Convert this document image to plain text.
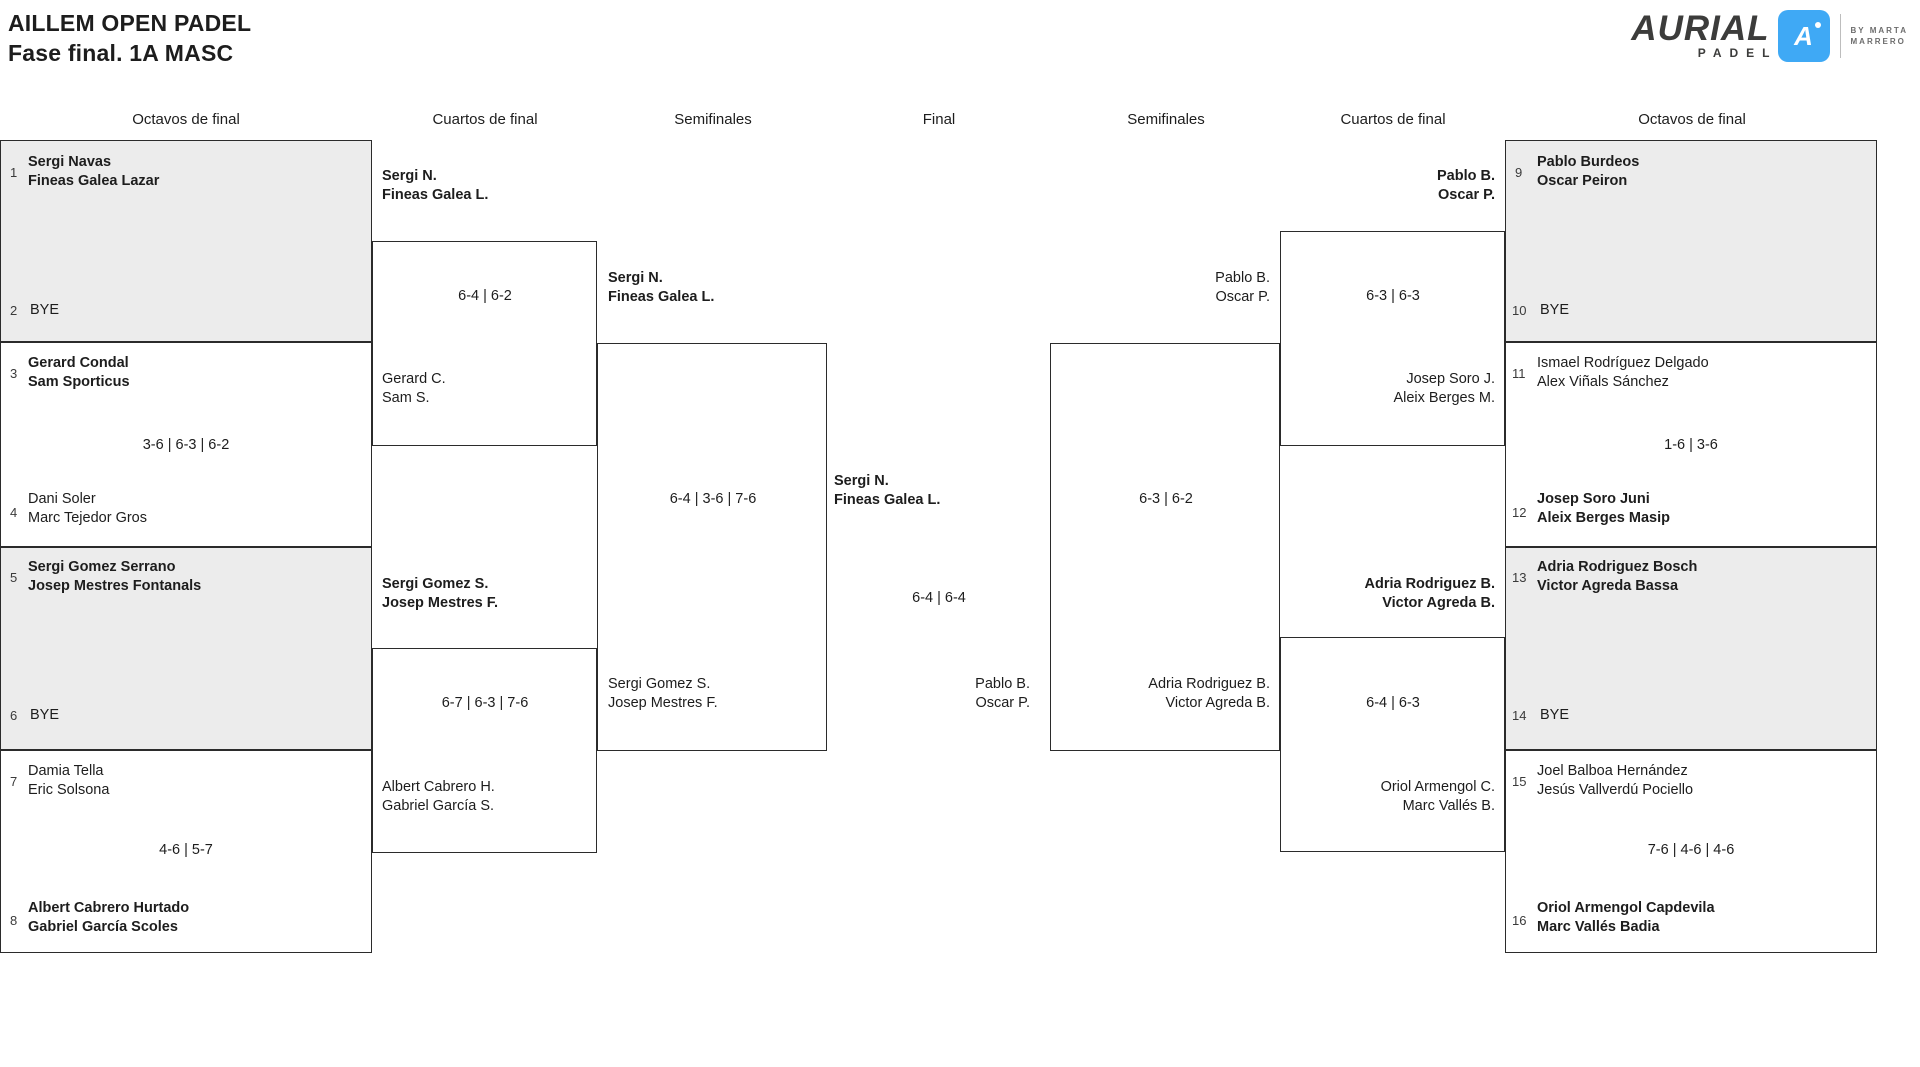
AILLEM OPEN PADEL
Fase final. 1A MASC
AURIAL
PADEL
A	BY MARTA
MARRERO
Octavos de final	Cuartos de final	Semifinales	Final	Semifinales	Cuartos de final	Octavos de final
1
Sergi Navas
Fineas Galea Lazar
2 BYE
3
Gerard Condal
Sam Sporticus
3-6 | 6-3 | 6-2
4
Dani Soler
Marc Tejedor Gros
5
Sergi Gomez Serrano
Josep Mestres Fontanals
6 BYE
7
Damia Tella
Eric Solsona
4-6 | 5-7
8
Albert Cabrero Hurtado
Gabriel García Scoles
Sergi N.
Fineas Galea L.
6-4 | 6-2
Gerard C.
Sam S.
Sergi Gomez S.
Josep Mestres F.
6-7 | 6-3 | 7-6
Albert Cabrero H.
Gabriel García S.
Sergi N.
Fineas Galea L.
6-4 | 3-6 | 7-6
Sergi Gomez S.
Josep Mestres F.
Sergi N.
Fineas Galea L.
6-4 | 6-4
Pablo B.
Oscar P.
Pablo B.
Oscar P.
6-3 | 6-2
Adria Rodriguez B.
Victor Agreda B.
Pablo B.
Oscar P.
6-3 | 6-3
Josep Soro J.
Aleix Berges M.
Adria Rodriguez B.
Victor Agreda B.
6-4 | 6-3
Oriol Armengol C.
Marc Vallés B.
9
Pablo Burdeos
Oscar Peiron
10 BYE
11
Ismael Rodríguez Delgado
Alex Viñals Sánchez
1-6 | 3-6
12
Josep Soro Juni
Aleix Berges Masip
13
Adria Rodriguez Bosch
Victor Agreda Bassa
14 BYE
15
Joel Balboa Hernández
Jesús Vallverdú Pociello
7-6 | 4-6 | 4-6
16
Oriol Armengol Capdevila
Marc Vallés Badia
